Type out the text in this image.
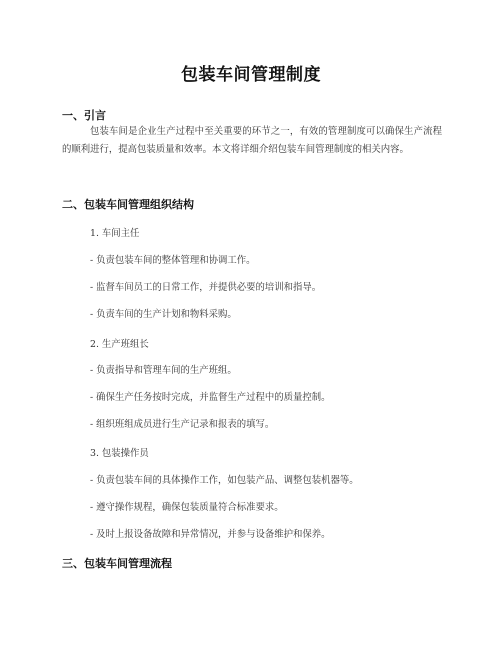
包装车间管理制度
一、引言
包装车间是企业生产过程中至关重要的环节之一，有效的管理制度可以确保生产流程的顺利进行，提高包装质量和效率。本文将详细介绍包装车间管理制度的相关内容。
二、包装车间管理组织结构
1. 车间主任
- 负责包装车间的整体管理和协调工作。
- 监督车间员工的日常工作，并提供必要的培训和指导。
- 负责车间的生产计划和物料采购。
2. 生产班组长
- 负责指导和管理车间的生产班组。
- 确保生产任务按时完成，并监督生产过程中的质量控制。
- 组织班组成员进行生产记录和报表的填写。
3. 包装操作员
- 负责包装车间的具体操作工作，如包装产品、调整包装机器等。
- 遵守操作规程，确保包装质量符合标准要求。
- 及时上报设备故障和异常情况，并参与设备维护和保养。
三、包装车间管理流程
